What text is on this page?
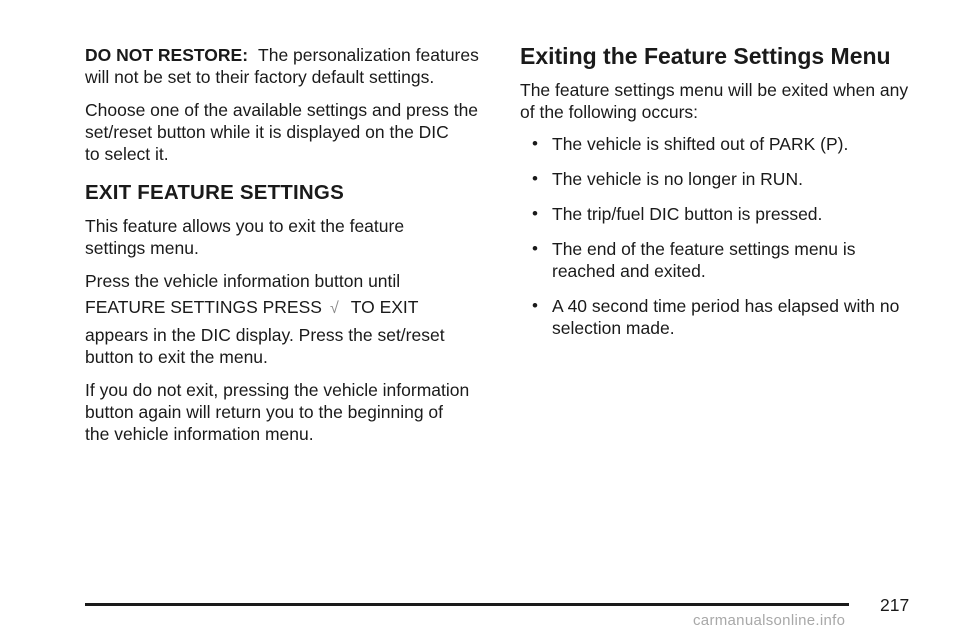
DO NOT RESTORE: The personalization features
will not be set to their factory default settings.

Choose one of the available settings and press the
set/reset button while it is displayed on the DIC
to select it.

EXIT FEATURE SETTINGS

This feature allows you to exit the feature
settings menu.

Press the vehicle information button until
FEATURE SETTINGS PRESS √ TO EXIT
appears in the DIC display. Press the set/reset
button to exit the menu.

If you do not exit, pressing the vehicle information
button again will return you to the beginning of
the vehicle information menu.

Exiting the Feature Settings Menu

The feature settings menu will be exited when any
of the following occurs:

• The vehicle is shifted out of PARK (P).
• The vehicle is no longer in RUN.
• The trip/fuel DIC button is pressed.
• The end of the feature settings menu is
reached and exited.
• A 40 second time period has elapsed with no
selection made.
217
carmanualsonline.info
